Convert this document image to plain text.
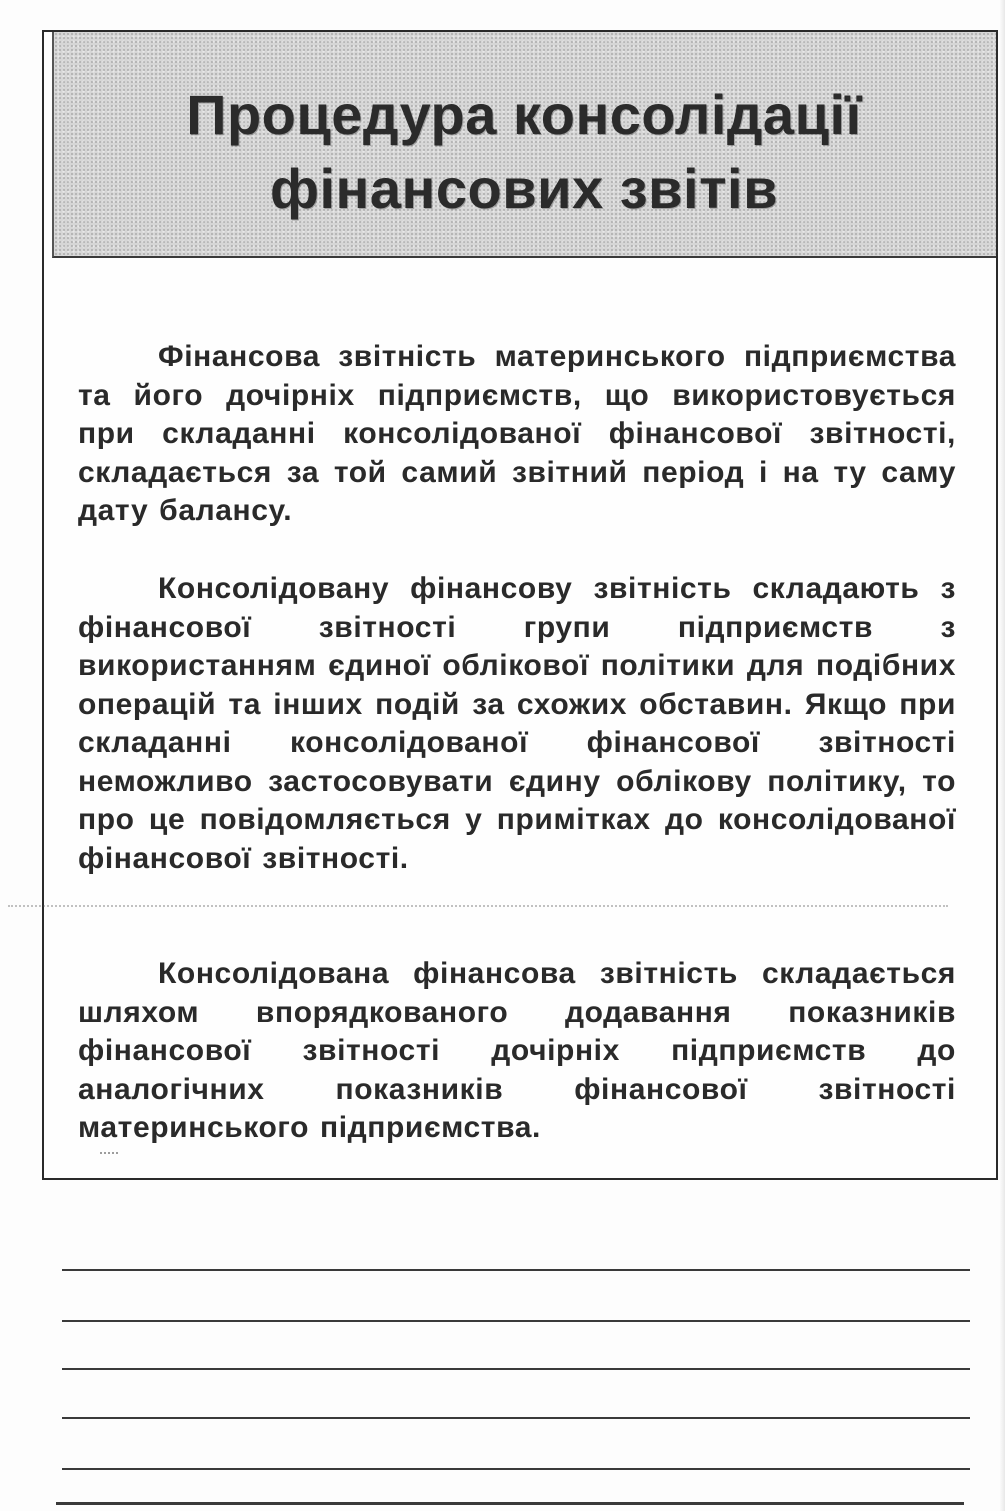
Процедура консолідації
фінансових звітів

Фінансова звітність материнського підприємства та його дочірніх підприємств, що використовується при складанні консолідованої фінансової звітності, складається за той самий звітний період і на ту саму дату балансу.

Консолідовану фінансову звітність складають з фінансової звітності групи підприємств з використанням єдиної облікової політики для подібних операцій та інших подій за схожих обставин. Якщо при складанні консолідованої фінансової звітності неможливо застосовувати єдину облікову політику, то про це повідомляється у примітках до консолідованої фінансової звітності.

Консолідована фінансова звітність складається шляхом впорядкованого додавання показників фінансової звітності дочірніх підприємств до аналогічних показників фінансової звітності материнського підприємства.
